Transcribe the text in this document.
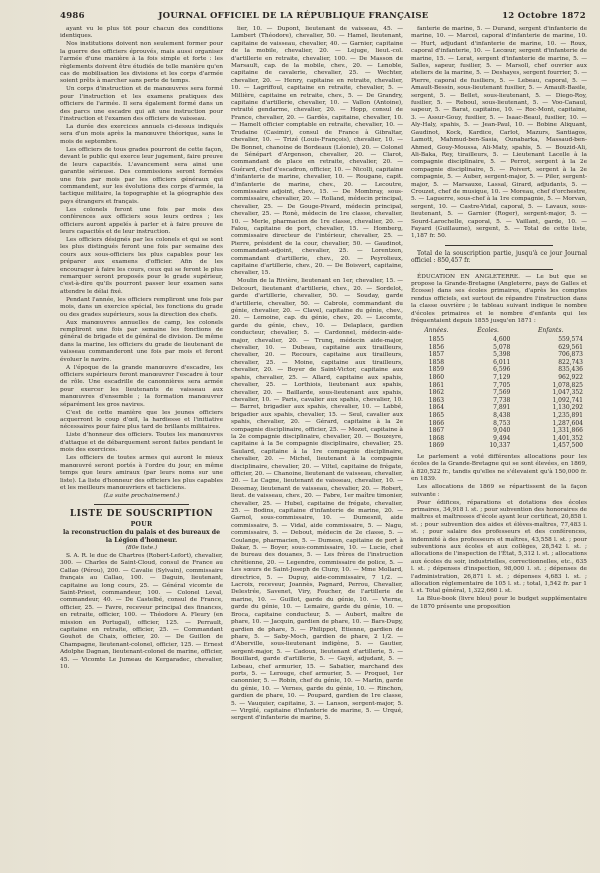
4986	JOURNAL OFFICIEL DE LA RÉPUBLIQUE FRANÇAISE	12 Octobre 1872

ayant vu le plus tôt pour chacun des conditions identiques.

Nos institutions doivent non seulement former pour la guerre des officiers éprouvés, mais aussi organiser l'armée d'une manière à la fois simple et forte : les règlements doivent être étudiés de telle manière qu'en cas de mobilisation les divisions et les corps d'armée soient prêts à marcher sans perte de temps.

Un corps d'instruction et de manœuvres sera formé pour l'instruction et les examens pratiques des officiers de l'armée. Il sera également formé dans un des parcs une escadre qui ait une instruction pour l'instruction et l'examen des officiers de vaisseau.

La durée des exercices annuels ci-dessus indiqués sera d'un mois après la manœuvre théorique, sans le mois de septembre.

Les officiers de tous grades pourront de cette façon, devant le public qui exerce leur jugement, faire preuve de leurs capacités. L'avancement sera ainsi une garantie sérieuse. Des commissions seront formées une fois par mois par les officiers généraux qui commandent, sur les évolutions des corps d'armée, la tactique militaire, la topographie et la géographie des pays étrangers et français.

Les colonels feront une fois par mois des conférences aux officiers sous leurs ordres ; les officiers auront appelés à parler et à faire preuve de leurs capacités et de leur instruction.

Les officiers désignés par les colonels et qui se sont les plus distingués feront une fois par semaine des cours aux sous-officiers les plus capables pour les préparer aux examens d'officier. Afin de les encourager à faire les cours, ceux qui se feront le plus remarquer seront proposés pour le grade supérieur, c'est-à-dire qu'ils pourront passer leur examen sans attendre le délai fixé.

Pendant l'année, les officiers rempliront une fois par mois, dans un exercice spécial, les fonctions du grade ou des grades supérieurs, sous la direction des chefs.

Aux manœuvres annuelles de camp, les colonels rempliront une fois par semaine les fonctions de général de brigade et de général de division. De même dans la marine, les officiers du grade de lieutenant de vaisseau commanderont une fois par mois et feront évoluer le navire.

A l'époque de la grande manœuvre d'escadre, les officiers supérieurs feront manœuvrer l'escadre à tour de rôle. Une escadrille de canonnières sera armée pour exercer les lieutenants de vaisseau aux manœuvres d'ensemble ; la formation manœuvrer séparément les gros navires.

C'est de cette manière que les jeunes officiers acquerront le coup d'œil, la hardiesse et l'initiative nécessaires pour faire plus tard de brillants militaires.

Liste d'honneur des officiers. Toutes les manœuvres d'attaque et de débarquement seront faites pendant le mois des exercices.

Les officiers de toutes armes qui auront le mieux manœuvré seront portés à l'ordre du jour, en même temps que leurs amiraux (par leurs noms sur une liste). La liste d'honneur des officiers les plus capables et les meilleurs manœuvriers et tacticiens.

(La suite prochainement.)

LISTE DE SOUSCRIPTION
POUR
la reconstruction du palais et des bureaux de la Légion d'honneur.

(80e liste.)

S. A. R. le duc de Chartres (Robert-Lefort), chevalier, 300. — Charles de Saint-Cloud, consul de France au Callao (Pérou), 200. — Cavalie (Sylvain), commissaire français au Callao, 100. — Daguin, lieutenant, capitaine au long cours, 25. — Général vicomte de Saint-Priest, commandeur, 100. — Colonel Leval, commandeur, 40. — De Castelbé, consul de France, officier, 25. — Favre, receveur principal des finances, en retraite, officier, 100. — Théodore A. Fleury (en mission en Portugal), officier, 125. — Perrault, capitaine en retraite, officier, 25. — Commandant Gouhot de Chaix, officier, 20. — De Guillon de Champagne, lieutenant-colonel, officier, 125. — Ernest Adolphe Dagnan, lieutenant-colonel de marine, officier, 45. — Vicomte Le Jumeau de Kergaradec, chevalier, 10.

lier, 10. — Dupont, lieutenant de vaisseau, 45. — Lambert (Théodore), chevalier, 50. — Hamel, lieutenant, capitaine de vaisseau, chevalier, 40. — Garnier, capitaine de la mobile, chevalier, 20. — Lejuge, lieut.-col. d'artillerie en retraite, chevalier, 100. — De Masson de Marsault, cap. de la mobile, chev., 20. — Lenoble, capitaine de cavalerie, chevalier, 25. — Wechter, chevalier, 20. — Henry, capitaine en retraite, chevalier, 10. — Lagriffoul, capitaine en retraite, chevalier, 5. — Millière, capitaine en retraite, chev., 5. — De Grandry, capitaine d'artillerie, chevalier, 10. — Vallon (Antoine), retraité gendarme, chevalier, 20. — Hopp, consul de France, chevalier, 20. — Gardès, capitaine, chevalier, 10. — Hamelt officier comptable en retraite, chevalier, 10. — Trudaine (Casimir), consul de France à Gibraltar, chevalier, 10. — Trizé (Louis-François), chevalier, 10. — De Bonnet, chanoine de Bordeaux (Léonie), 20. — Colonel de Sénépart d'Argenson, chevalier, 20. — Clarot, commandant de place en retraite, chevalier, 20. — Guérard, chef d'escadron, officier, 10. — Nicolli, capitaine d'infanterie de marine, chevalier, 10. — Rougane, capit. d'infanterie de marine, chev., 20. — Lecoutre, commissaire adjoint, chev., 15. — De Mombray, sous-commissaire, chevalier, 20. — Rolland, médecin principal, chevalier, 25. — De Gouge-Pivard, médecin principal, chevalier, 25. — Ronè, médecin de 1re classe, chevalier, 10. — Merle, pharmacien de 1re classe, chevalier, 20. — Falou, capitaine de port, chevalier, 15. — Homberg, commissaire directeur de l'intérieur, chevalier, 25. — Pierre, président de la cour, chevalier, 50. — Gaudinot, commandant-adjoint, chevalier, 25. — Lorentzen, commandant d'artillerie, chev., 20. — Peyrolieux, capitaine d'artillerie, chev., 20. — De Boisvert, capitaine, chevalier, 15.

Moulin de la Rivière, lieutenant en 1er, chevalier, 15. — Delcourt, lieutenant d'artillerie, chev., 20. — Sordelot, garde d'artillerie, chevalier, 50. — Souday, garde d'artillerie, chevalier, 50. — Cabrole, commandant du génie, chevalier, 20. — Clavel, capitaine du génie, chev., 20. — Lemoine, cap. du génie, chev., 20. — Lecomte, garde du génie, chev., 10. — Delaplace, gardien conducteur, chevalier, 5. — Cardonnel, médecin-aide-major, chevalier, 20. — Trunq, médecin aide-major, chevalier, 10. — Dubeau, capitaine aux tirailleurs, chevalier, 20. — Recours, capitaine aux tirailleurs, chevalier, 25. — Moine, capitaine aux tirailleurs, chevalier, 20. — Boyer de Saint-Victor, capitaine aux spahis, chevalier, 25. — Allard, capitaine aux spahis, chevalier, 25. — Lorthiois, lieutenant aux spahis, chevalier, 20. — Baillarde, sous-lieutenant aux spahis, chevalier, 10. — Paris, cavalier aux spahis, chevalier, 10. — Barret, brigadier aux spahis, chevalier, 10. — Labbé, brigadier aux spahis, chevalier, 15. — Seul, cavalier aux spahis, chevalier, 20. — Gérard, capitaine à la 2e compagnie disciplinaire, officier, 25. — Mozet, capitaine à la 2e compagnie disciplinaire, chevalier, 20. — Bouzeyre, capitaine à la 5e compagnie disciplinaire, chevalier, 25. Saulard, capitaine à la 1re compagnie disciplinaire, chevalier, 20. — Michel, lieutenant à la compagnie disciplinaire, chevalier, 20. — Viltel, capitaine de frégate, officier, 20. — Chanoine, lieutenant de vaisseau, chevalier, 20. — Le Cagne, lieutenant de vaisseau, chevalier, 10. — Dessmay, lieutenant de vaisseau, chevalier, 20. — Robert, lieut. de vaisseau, chev., 20. — Fabre, 1er maître timonier, chevalier, 25. — Hubel, capitaine de frégate, chevalier, 25. — Bodins, capitaine d'infanterie de marine, 20. — Garnol, sous-commissaire, 10. — Dumesnil, aide commissaire, 5. — Vidal, aide commissaire, 5. — Nagu, commissaire, 5. — Debout, médecin de 2e classe, 5. — Coulange, pharmacien, 5. — Dumesn, capitaine de port à Dakar, 5. — Boyer, sous-commissaire, 10. — Lucie, chef de bureau des douanes, 5. — Les frères de l'instruction chrétienne, 20. — Legendre, commissaire de police, 5. — Les sœurs de Saint-Joseph de Cluny, 10. — Mme Mollard, directrice, 5. — Dupuy, aide-commissaire, 7 1/2. — Lacroix, receveur, Joannès, Pagnard, Perrou, Chevalier, Delestrée, Savenet, Viry, Foucher, de l'artillerie de marine, 10. — Guillot, garde du génie, 10. — Vierne, garde du génie, 10. — Lemaire, garde du génie, 10. — Broca, capitaine conducteur, 5. — Aubert, maître de phare, 10. — Jacquin, gardien de phare, 10. — Bars-Dupy, gardien de phare, 5. — Philippot, Etienne, gardien de phare, 5. — Saby-Moch, gardien de phare, 2 1/2. — d'Aberville, sous-lieutenant indigène, 5. — Gautier, sergent-major, 5. — Cadoux, lieutenant d'artillerie, 5. — Bouillard, garde d'artillerie, 5. — Gayé, adjudant, 5. — Lebeau, chef armurier, 15. — Sabatier, marchand des ports, 5. — Lerouge, chef armurier, 5. — Proquet, 1er canonnier, 5. — Robin, chef du génie, 10. — Marlin, garde du génie, 10. — Vernes, garde du génie, 10. — Rinchon, gardien de phare, 10. — Poupard, gardien de 1re classe, 5. — Vauquier, capitaine, 3. — Lanson, sergent-major, 5. — Virgilé, capitaine d'infanterie de marine, 5. — Urqué, sergent d'infanterie de marine, 5.

fanterie de marine, 5. — Durand, sergent d'infanterie de marine, 10. — Marcel, caporal d'infanterie de marine, 10. — Hurt, adjudant d'infanterie de marine, 10. — Roux, caporal d'infanterie, 10. — Lecœur, sergent d'infanterie de marine, 15. — Lerat, sergent d'infanterie de marine, 5. — Salles, sapeur, fusilier, 5. — Marsoll, chef ouvrier aux ateliers de la marine, 5. — Deshayes, sergent fourrier, 5. — Pierre, caporal de fusiliers, 5. — Lebeau, caporal, 5. — Amault-Bessin, sous-lieutenant fusilier, 5. — Amault-Basile, sergent, 5. — Bellet, sous-lieutenant, 5. — Diego-Roy, fusilier, 5. — Reboul, sous-lieutenant, 5. — Voo-Canaul, sapeur, 5. — Barat, capitaine, 10. — Roc-Mont, capitaine, 3. — Assur-Gouy, fusilier, 5. — Isaac-Beaul, fusilier, 10. — Aly-Haly, spahis, 5. — Jean-Paul, 10. — Bobine Aliquant, Gaudinot, Kock, Kardice, Carlot, Mazurs, Santiagos, Lamott, Mahmud-ben-Sasia, Ounabarka, Massaud-ben-Ahmed, Gouy-Moussa, Ali-Maty, spahis, 5. — Bouzid-Ali, Ali-Baka, Rey, tirailleurs, 5. — Lieutenant Lacelle à la compagnie disciplinaire, 5. — Perrot, sergent à la 2e compagnie disciplinaire, 5. — Poivert, sergent à la 2e compagnie, 5. — Auber, sergent-major, 5. — Piler, sergent-major, 5. — Marsauxe, Lassal, Girard, adjudants, 5. — Crouzet, chef de musique, 10. — Moreau, chef d'orchestre, 5. — Laguerre, sous-chef à la 1re compagnie, 5. — Morvan, sergent, 10. — Castre-Vidal, caporal, 5. — Lavaux, sous-lieutenant, 5. — Garnier (Roger), sergent-major, 5. — Sourd-Larochelle, caporal, 5. — Vaillant, garde, 10. — Fayard (Guillaume), sergent, 5. — Total de cette liste, 1,187 fr. 50.

Total de la souscription partie, jusqu'à ce jour Journal officiel : 850,457 fr.

ÉDUCATION EN ANGLETERRE. — Le but que se propose la Grande-Bretagne (Angleterre, pays de Galles et Écosse) dans ses écoles primaires, d'après les comptes rendus officiels, est surtout de répandre l'instruction dans la classe ouvrière ; le tableau suivant indique le nombre d'écoles primaires et le nombre d'enfants qui les fréquentaient depuis 1855 jusqu'en 1871 :

Années.	Écoles.	Enfants.
1855	4,600	559,574
1856	5,078	629,561
1857	5,398	706,873
1858	6,011	822,743
1859	6,596	835,436
1860	7,129	962,922
1861	7,705	1,078,825
1862	7,569	1,047,352
1863	7,738	1,092,741
1864	7,891	1,130,292
1865	8,438	1,235,891
1866	8,753	1,287,604
1867	9,040	1,331,866
1868	9,494	1,401,352
1869	10,337	1,457,500

Le parlement a voté différentes allocations pour les écoles de la Grande-Bretagne qui se sont élevées, en 1869, à 820,522 fr., tandis qu'elles ne s'élevaient qu'à 150,000 fr. en 1839.

Les allocations de 1869 se répartissent de la façon suivante :

Pour édifices, réparations et dotations des écoles primaires, 34,918 l. st. ; pour subvention des honoraires de maîtres et maîtresses d'école ayant leur certificat, 20,858 l. st. ; pour subvention des aides et élèves-maîtres, 77,483 l. st. ; pour salaire des professeurs et des conférences, indemnité à des professeurs et maîtres, 43,558 l. st. ; pour subventions aux écoles et aux collèges, 28,542 l. st. ; allocations de l'inspection de l'État, 5,312 l. st. ; allocations aux écoles du soir, industrielles, correctionnelles, etc., 635 l. st. ; dépenses d'inspection, 98,000 l. st. ; dépenses de l'administration, 26,871 l. st. ; dépenses 4,683 l. st. ; allocation réglementaire de 105 l. st. ; total, 1,542 fr. par 1 l. st. Total général, 1,322,660 l. st.

La Blue-book (livre bleu) pour le budget supplémentaire de 1870 présente une proposition
